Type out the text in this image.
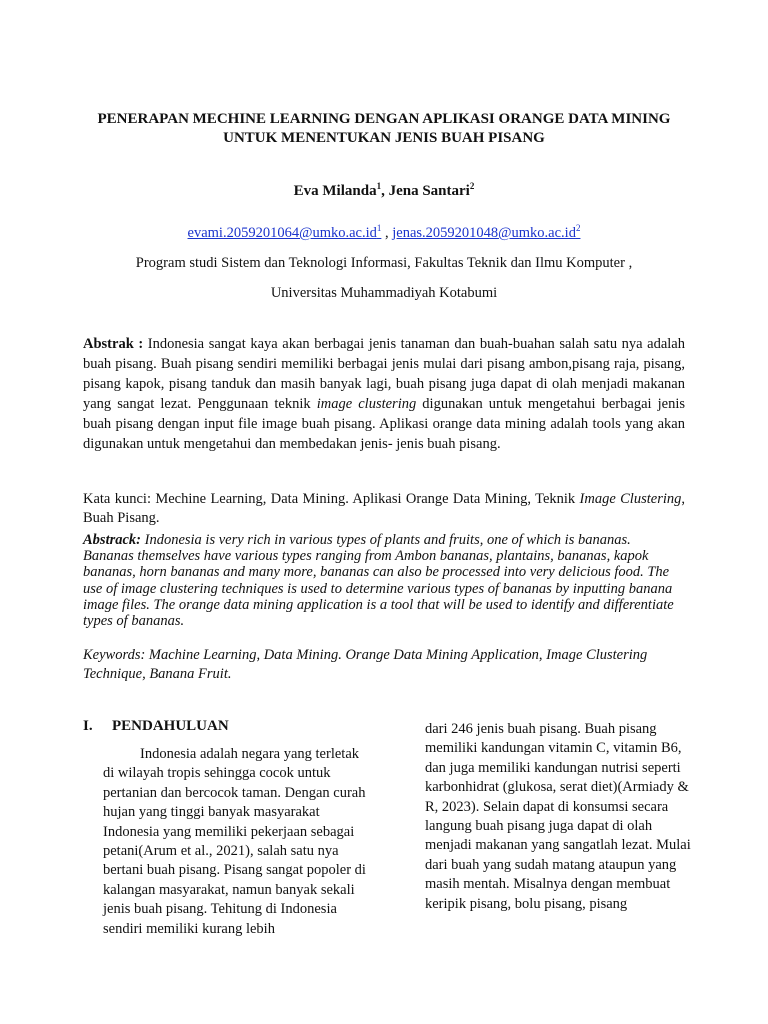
PENERAPAN MECHINE LEARNING DENGAN APLIKASI ORANGE DATA MINING
UNTUK MENENTUKAN JENIS BUAH PISANG

Eva Milanda$^1$, Jena Santari$^2$

evami.2059201064@umko.ac.id$^1$ , jenas.2059201048@umko.ac.id$^2$

Program studi Sistem dan Teknologi Informasi, Fakultas Teknik dan Ilmu Komputer ,

Universitas Muhammadiyah Kotabumi

Abstrak : Indonesia sangat kaya akan berbagai jenis tanaman dan buah-buahan salah satu nya adalah buah pisang. Buah pisang sendiri memiliki berbagai jenis mulai dari pisang ambon,pisang raja, pisang, pisang kapok, pisang tanduk dan masih banyak lagi, buah pisang juga dapat di olah menjadi makanan yang sangat lezat. Penggunaan teknik image clustering digunakan untuk mengetahui berbagai jenis buah pisang dengan input file image buah pisang. Aplikasi orange data mining adalah tools yang akan digunakan untuk mengetahui dan membedakan jenis- jenis buah pisang.

Kata kunci: Mechine Learning, Data Mining. Aplikasi Orange Data Mining, Teknik Image Clustering, Buah Pisang.

Abstrack: Indonesia is very rich in various types of plants and fruits, one of which is bananas. Bananas themselves have various types ranging from Ambon bananas, plantains, bananas, kapok bananas, horn bananas and many more, bananas can also be processed into very delicious food. The use of image clustering techniques is used to determine various types of bananas by inputting banana image files. The orange data mining application is a tool that will be used to identify and differentiate types of bananas.

Keywords: Machine Learning, Data Mining. Orange Data Mining Application, Image Clustering Technique, Banana Fruit.

I. PENDAHULUAN

Indonesia adalah negara yang terletak di wilayah tropis sehingga cocok untuk pertanian dan bercocok taman. Dengan curah hujan yang tinggi banyak masyarakat Indonesia yang memiliki pekerjaan sebagai petani(Arum et al., 2021), salah satu nya bertani buah pisang. Pisang sangat popoler di kalangan masyarakat, namun banyak sekali jenis buah pisang. Tehitung di Indonesia sendiri memiliki kurang lebih

dari 246 jenis buah pisang. Buah pisang memiliki kandungan vitamin C, vitamin B6, dan juga memiliki kandungan nutrisi seperti karbonhidrat (glukosa, serat diet)(Armiady & R, 2023). Selain dapat di konsumsi secara langung buah pisang juga dapat di olah menjadi makanan yang sangatlah lezat. Mulai dari buah yang sudah matang ataupun yang masih mentah. Misalnya dengan membuat keripik pisang, bolu pisang, pisang
